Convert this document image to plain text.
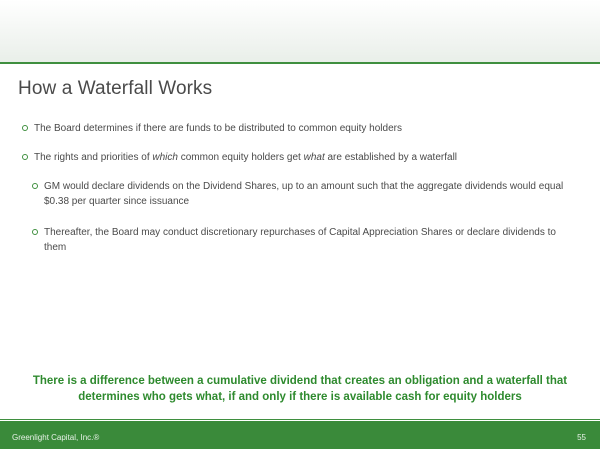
How a Waterfall Works
The Board determines if there are funds to be distributed to common equity holders
The rights and priorities of which common equity holders get what are established by a waterfall
GM would declare dividends on the Dividend Shares, up to an amount such that the aggregate dividends would equal $0.38 per quarter since issuance
Thereafter, the Board may conduct discretionary repurchases of Capital Appreciation Shares or declare dividends to them
There is a difference between a cumulative dividend that creates an obligation and a waterfall that determines who gets what, if and only if there is available cash for equity holders
Greenlight Capital, Inc.®	55
